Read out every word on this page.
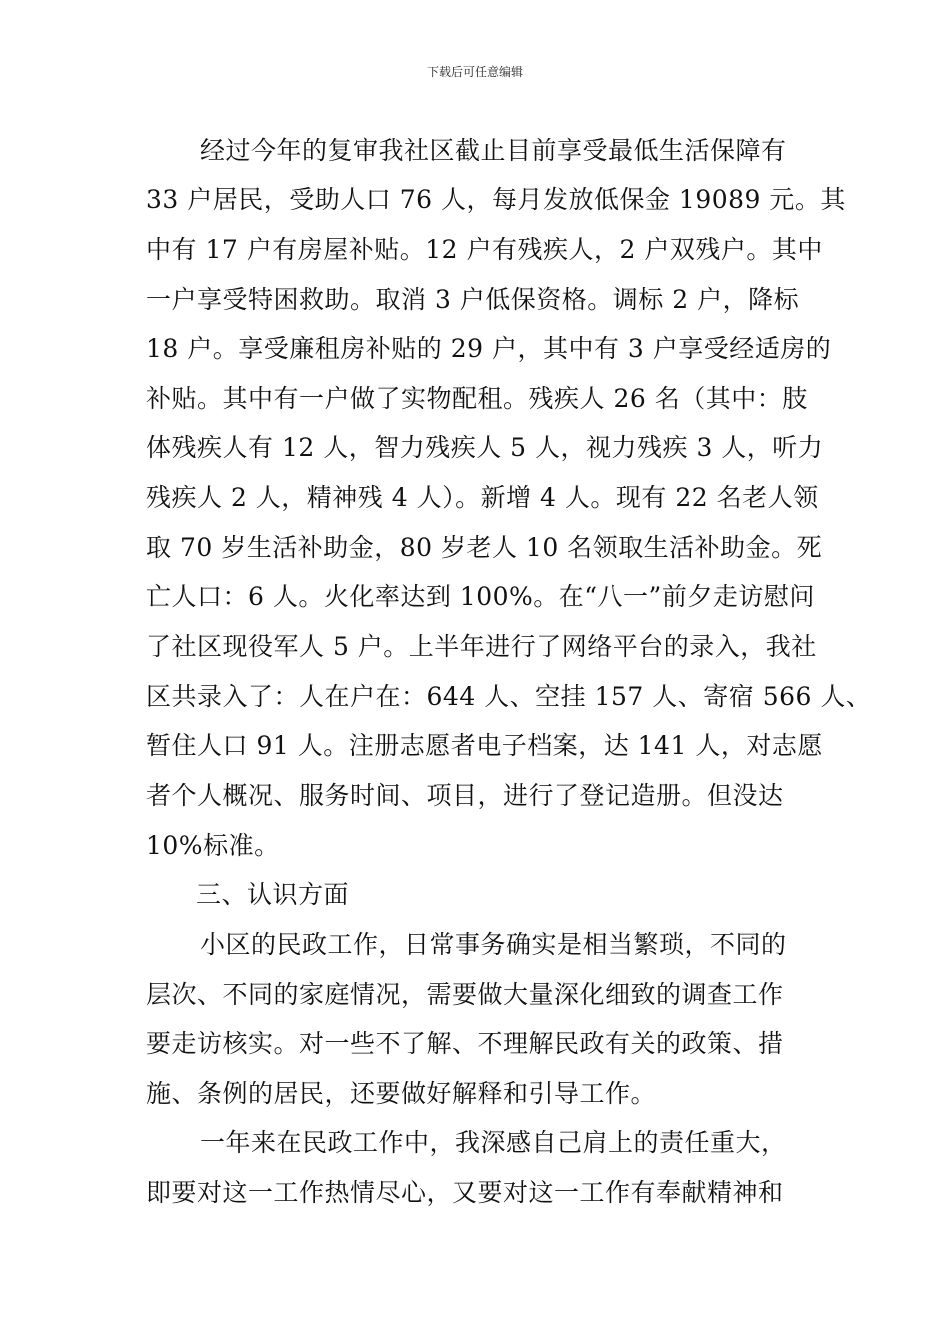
下载后可任意编辑
经过今年的复审我社区截止目前享受最低生活保障有
33 户居民，受助人口 76 人，每月发放低保金 19089 元。其
中有 17 户有房屋补贴。12 户有残疾人，2 户双残户。其中
一户享受特困救助。取消 3 户低保资格。调标 2 户，降标
18 户。享受廉租房补贴的 29 户，其中有 3 户享受经适房的
补贴。其中有一户做了实物配租。残疾人 26 名（其中：肢
体残疾人有 12 人，智力残疾人 5 人，视力残疾 3 人，听力
残疾人 2 人，精神残 4 人）。新增 4 人。现有 22 名老人领
取 70 岁生活补助金，80 岁老人 10 名领取生活补助金。死
亡人口：6 人。火化率达到 100%。在“八一”前夕走访慰问
了社区现役军人 5 户。上半年进行了网络平台的录入，我社
区共录入了：人在户在：644 人、空挂 157 人、寄宿 566 人、
暂住人口 91 人。注册志愿者电子档案，达 141 人，对志愿
者个人概况、服务时间、项目，进行了登记造册。但没达
10%标准。
三、认识方面
小区的民政工作，日常事务确实是相当繁琐，不同的
层次、不同的家庭情况，需要做大量深化细致的调查工作
要走访核实。对一些不了解、不理解民政有关的政策、措
施、条例的居民，还要做好解释和引导工作。
一年来在民政工作中，我深感自己肩上的责任重大，
即要对这一工作热情尽心，又要对这一工作有奉献精神和
